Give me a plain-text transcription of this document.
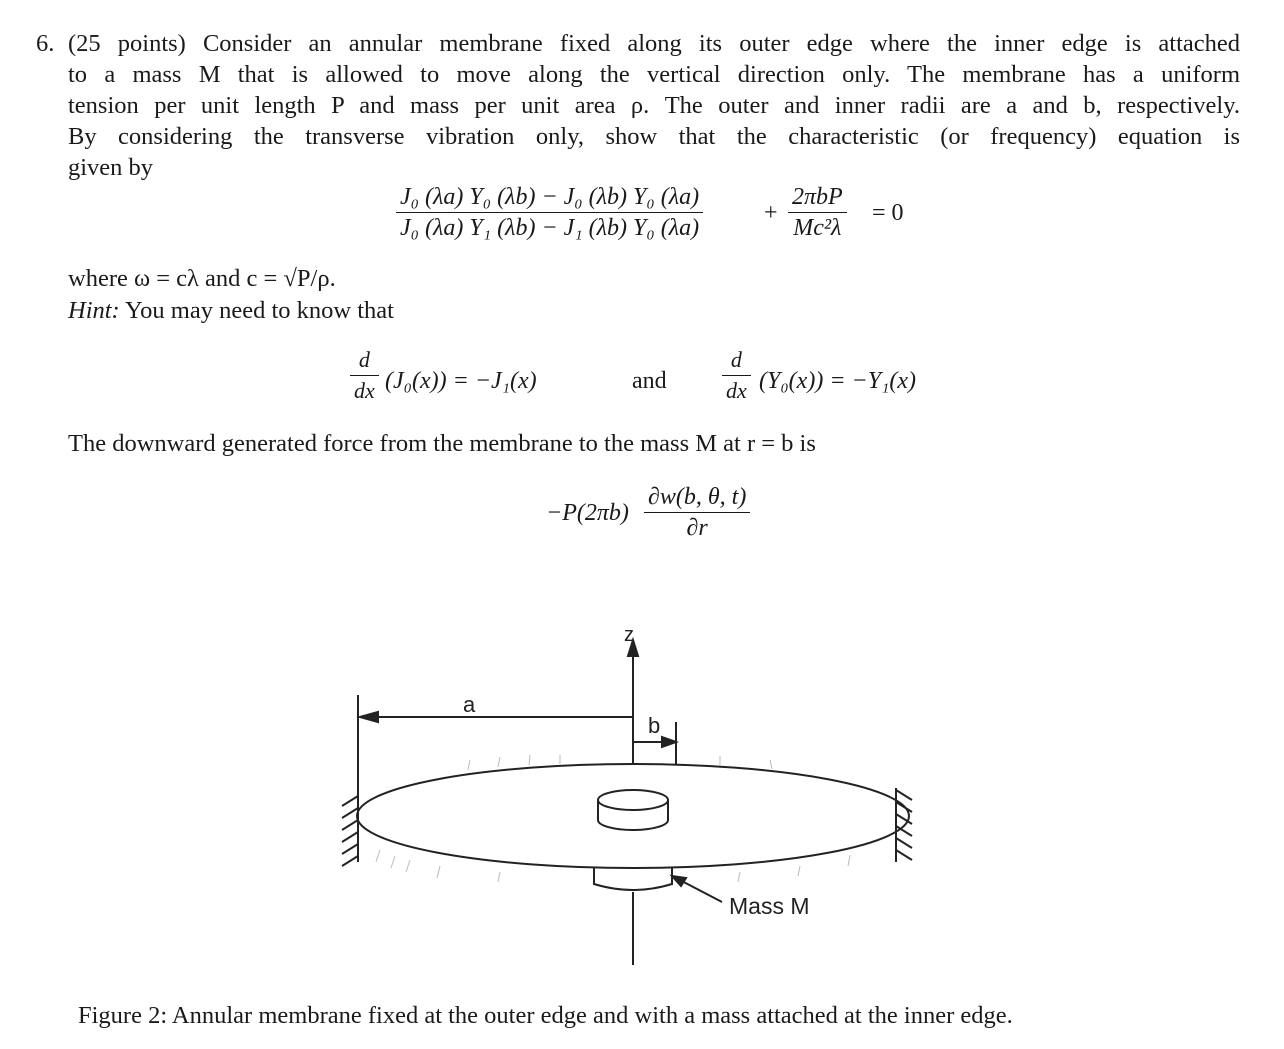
6. (25 points) Consider an annular membrane fixed along its outer edge where the inner edge is attached
to a mass M that is allowed to move along the vertical direction only. The membrane has a uniform
tension per unit length P and mass per unit area ρ. The outer and inner radii are a and b, respectively.
By considering the transverse vibration only, show that the characteristic (or frequency) equation is
given by
$\frac{\text{J₀ (λa) Y₀ (λb) − J₀ (λb) Y₀ (λa)}}{\text{J₀ (λa) Y₁ (λb) − J₁ (λb) Y₀ (λa)}}$	+
2πbP
Mc²λ
= 0
where ω = cλ and c = √P/ρ.
Hint: You may need to know that
$\frac{d}{dx} (J_0(x)) = -J_1(x)$	and	$\frac{d}{dx} (Y_0(x)) = -Y_1(x)$
The downward generated force from the membrane to the mass M at r = b is
$-P(2\pi b) \frac{\partial w(b, \theta, t)}{\partial r}$
z
a
b
Mass M
Figure 2: Annular membrane fixed at the outer edge and with a mass attached at the inner edge.
